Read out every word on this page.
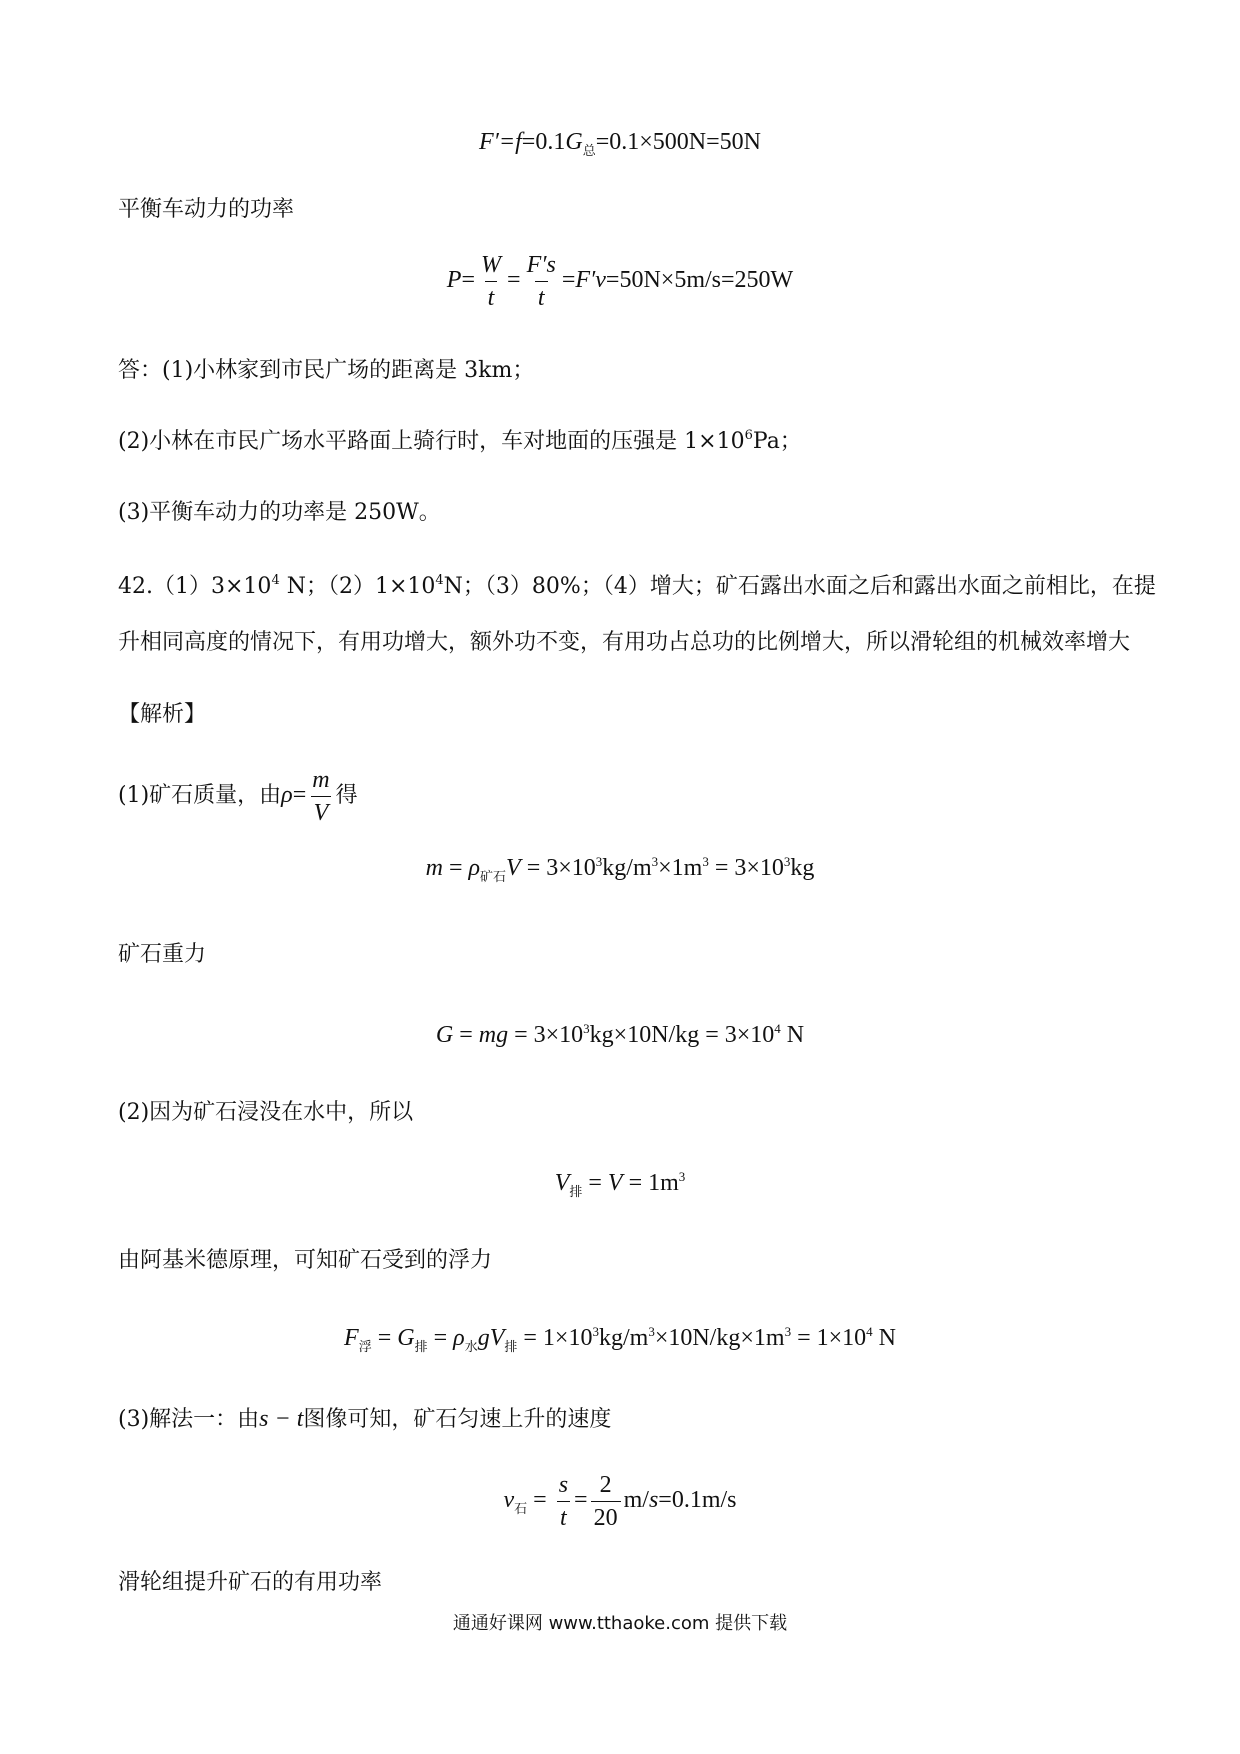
$F'=f=0.1G_总=0.1\times 500N=50N$
平衡车动力的功率
$P= \frac{W}{t} = \frac{F's}{t} =F'v=50N\times 5m/s=250W$
答：(1)小林家到市民广场的距离是 3km；
(2)小林在市民广场水平路面上骑行时，车对地面的压强是 $1\times 10^6Pa$；
(3)平衡车动力的功率是 250W。
$42.(1)3\times 10^4$ N；$(2)1\times 10^4N$；（3）80%；（4）增大；矿石露出水面之后和露出水面之前相比，在提
升相同高度的情况下，有用功增大，额外功不变，有用功占总功的比例增大，所以滑轮组的机械效率增大
【解析】
(1)矿石质量，由$\rho= \frac{m}{V}$ 得
$m = \rho_{矿石}V = 3\times 10^3kg/m^3\times 1m^3 = 3\times 10^3kg$
矿石重力
G = mg = $3\times 10^3kg\times 10N/kg = 3\times 10^4$ N
(2)因为矿石浸没在水中，所以
$V_排 = V = 1m^3$
由阿基米德原理，可知矿石受到的浮力
$F_浮 = G_排 = \rho_水gV_排 = 1\times 10^3kg/m^3\times 10N/kg\times 1m^3 = 1\times 10^4$ N
(3)解法一：由s − t图像可知，矿石匀速上升的速度
$v_石 = \frac{s}{t} = \frac{2}{20} m/s=0.1m/s$
滑轮组提升矿石的有用功率
通通好课网 www.tthaoke.com 提供下载
